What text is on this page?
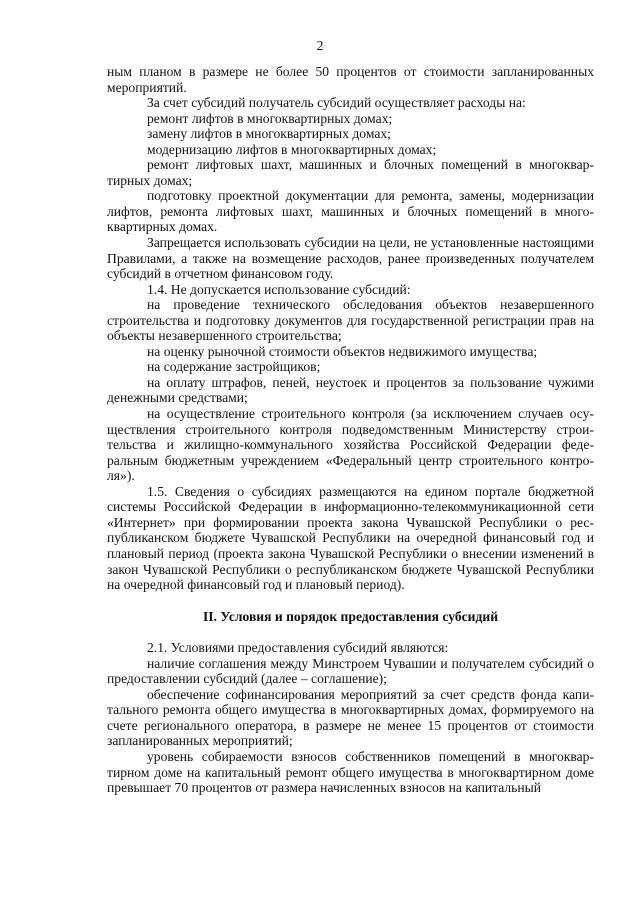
2

ным планом в размере не более 50 процентов от стоимости запланированных мероприятий.

За счет субсидий получатель субсидий осуществляет расходы на:

ремонт лифтов в многоквартирных домах;

замену лифтов в многоквартирных домах;

модернизацию лифтов в многоквартирных домах;

ремонт лифтовых шахт, машинных и блочных помещений в многоквартирных домах;

подготовку проектной документации для ремонта, замены, модернизации лифтов, ремонта лифтовых шахт, машинных и блочных помещений в многоквартирных домах.

Запрещается использовать субсидии на цели, не установленные настоящими Правилами, а также на возмещение расходов, ранее произведенных получателем субсидий в отчетном финансовом году.

1.4. Не допускается использование субсидий:

на проведение технического обследования объектов незавершенного строительства и подготовку документов для государственной регистрации прав на объекты незавершенного строительства;

на оценку рыночной стоимости объектов недвижимого имущества;

на содержание застройщиков;

на оплату штрафов, пеней, неустоек и процентов за пользование чужими денежными средствами;

на осуществление строительного контроля (за исключением случаев осуществления строительного контроля подведомственным Министерству строительства и жилищно-коммунального хозяйства Российской Федерации федеральным бюджетным учреждением «Федеральный центр строительного контроля»).

1.5. Сведения о субсидиях размещаются на едином портале бюджетной системы Российской Федерации в информационно-телекоммуникационной сети «Интернет» при формировании проекта закона Чувашской Республики о республиканском бюджете Чувашской Республики на очередной финансовый год и плановый период (проекта закона Чувашской Республики о внесении изменений в закон Чувашской Республики о республиканском бюджете Чувашской Республики на очередной финансовый год и плановый период).

II. Условия и порядок предоставления субсидий

2.1. Условиями предоставления субсидий являются:

наличие соглашения между Минстроем Чувашии и получателем субсидий о предоставлении субсидий (далее – соглашение);

обеспечение софинансирования мероприятий за счет средств фонда капитального ремонта общего имущества в многоквартирных домах, формируемого на счете регионального оператора, в размере не менее 15 процентов от стоимости запланированных мероприятий;

уровень собираемости взносов собственников помещений в многоквартирном доме на капитальный ремонт общего имущества в многоквартирном доме превышает 70 процентов от размера начисленных взносов на капитальный
